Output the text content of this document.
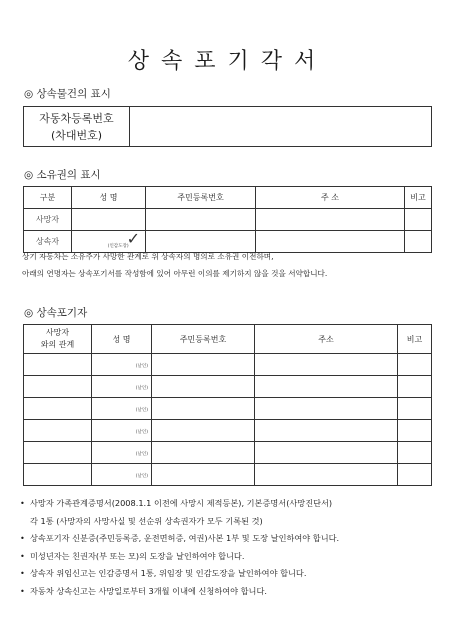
상속포기각서
◎ 상속물건의 표시
자동차등록번호
(차대번호)

◎ 소유권의 표시
구분	성 명	주민등록번호	주 소	비고
사망자				
상속자	(인감도장)✓			
상기 자동차는 소유주가 사망한 관계로 위 상속자의 명의로 소유권 이전하며,
아래의 연명자는 상속포기서를 작성함에 있어 아무런 이의를 제기하지 않을 것을 서약합니다.
◎ 상속포기자
사망자
와의 관계	성 명	주민등록번호	주소	비고
	(날인)			
	(날인)			
	(날인)			
	(날인)			
	(날인)			
	(날인)			
• 사망자 가족관계증명서(2008.1.1 이전에 사망시 제적등본), 기본증명서(사망진단서)
각 1통 (사망자의 사망사실 및 선순위 상속권자가 모두 기록된 것)
• 상속포기자 신분증(주민등록증, 운전면허증, 여권)사본 1부 및 도장 날인하여야 합니다.
• 미성년자는 친권자(부 또는 모)의 도장을 날인하여야 합니다.
• 상속자 위임신고는 인감증명서 1통, 위임장 및 인감도장을 날인하여야 합니다.
• 자동차 상속신고는 사망일로부터 3개월 이내에 신청하여야 합니다.
